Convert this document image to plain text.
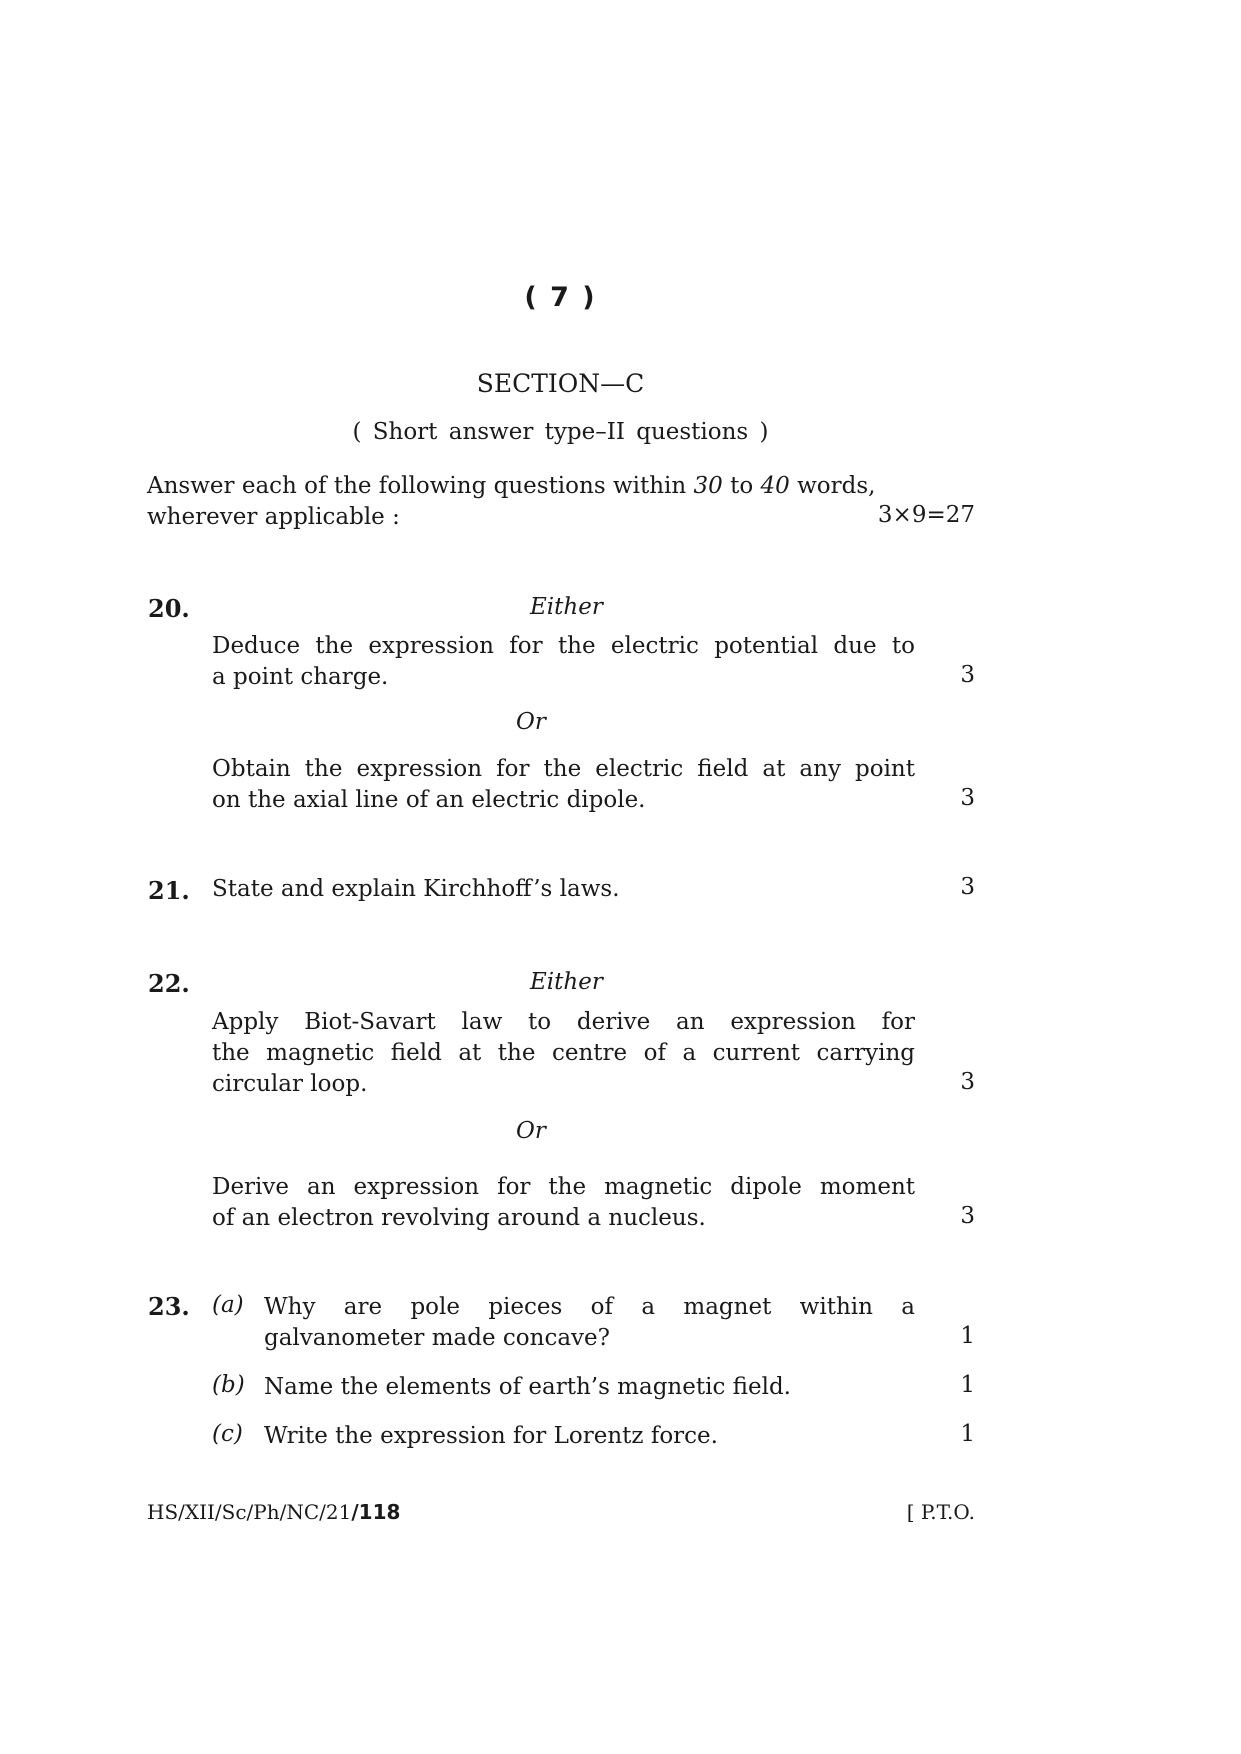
( 7 )
SECTION—C
( Short answer type–II questions )
Answer each of the following questions within 30 to 40 words,
wherever applicable :	3×9=27
20.	Either
Deduce the expression for the electric potential due to
a point charge.	3
Or
Obtain the expression for the electric field at any point
on the axial line of an electric dipole.	3
21. State and explain Kirchhoff’s laws.	3
22.	Either
Apply Biot-Savart law to derive an expression for
the magnetic field at the centre of a current carrying
circular loop.	3
Or
Derive an expression for the magnetic dipole moment
of an electron revolving around a nucleus.	3
23. (a) Why are pole pieces of a magnet within a
galvanometer made concave?	1
(b) Name the elements of earth’s magnetic field.	1
(c) Write the expression for Lorentz force.	1
HS/XII/Sc/Ph/NC/21/118	[ P.T.O.
